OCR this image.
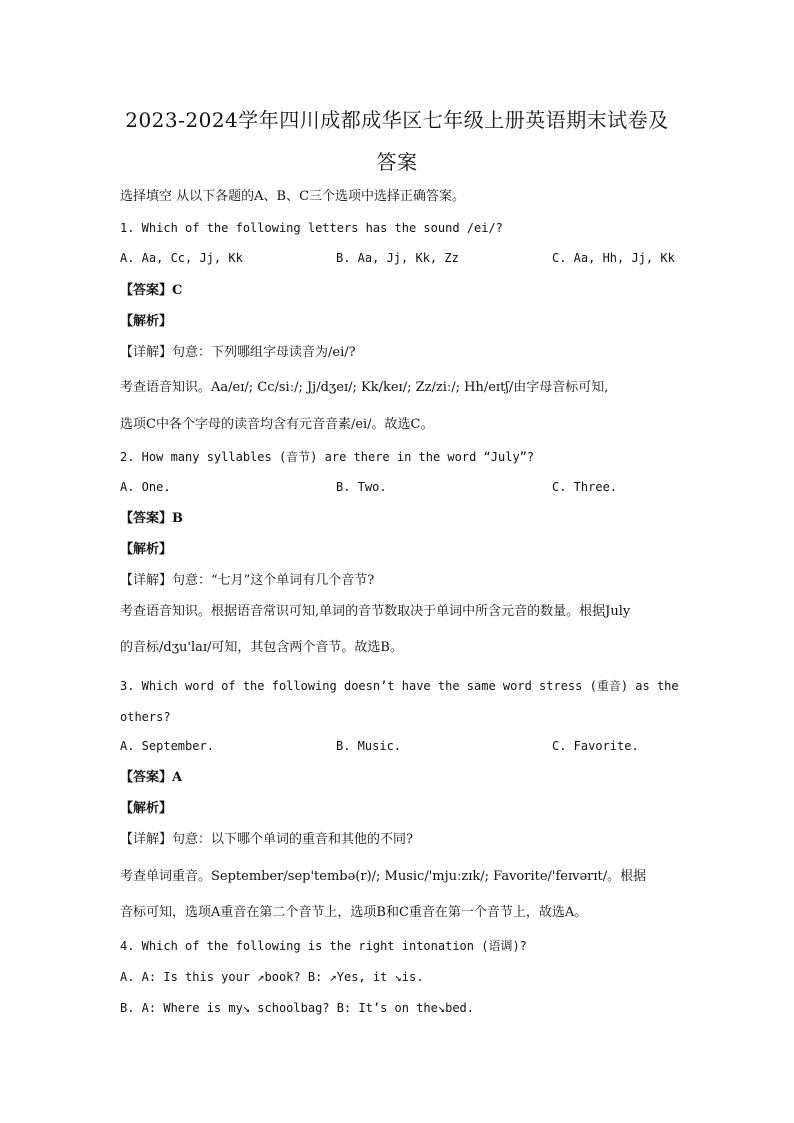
2023-2024学年四川成都成华区七年级上册英语期末试卷及
答案
选择填空 从以下各题的A、B、C三个选项中选择正确答案。
1. Which of the following letters has the sound /ei/?
A. Aa, Cc, Jj, Kk	B. Aa, Jj, Kk, Zz	C. Aa, Hh, Jj, Kk
【答案】C
【解析】
【详解】句意：下列哪组字母读音为/ei/?
考查语音知识。Aa/eɪ/; Cc/siː/; Jj/dʒeɪ/; Kk/keɪ/; Zz/ziː/; Hh/eɪtʃ/由字母音标可知,
选项C中各个字母的读音均含有元音音素/ei/。故选C。
2. How many syllables (音节) are there in the word “July”?
A. One.	B. Two.	C. Three.
【答案】B
【解析】
【详解】句意：“七月”这个单词有几个音节?
考查语音知识。根据语音常识可知,单词的音节数取决于单词中所含元音的数量。根据July
的音标/dʒu'laɪ/可知，其包含两个音节。故选B。
3. Which word of the following doesn’t have the same word stress (重音) as the
others?
A. September.	B. Music.	C. Favorite.
【答案】A
【解析】
【详解】句意：以下哪个单词的重音和其他的不同?
考查单词重音。September/sep'tembə(r)/; Music/'mjuːzɪk/; Favorite/'feɪvərɪt/。根据
音标可知，选项A重音在第二个音节上，选项B和C重音在第一个音节上，故选A。
4. Which of the following is the right intonation (语调)?
A. A: Is this your ↗book? B: ↗Yes, it ↘is.
B. A: Where is my↘ schoolbag? B: It’s on the↘bed.
